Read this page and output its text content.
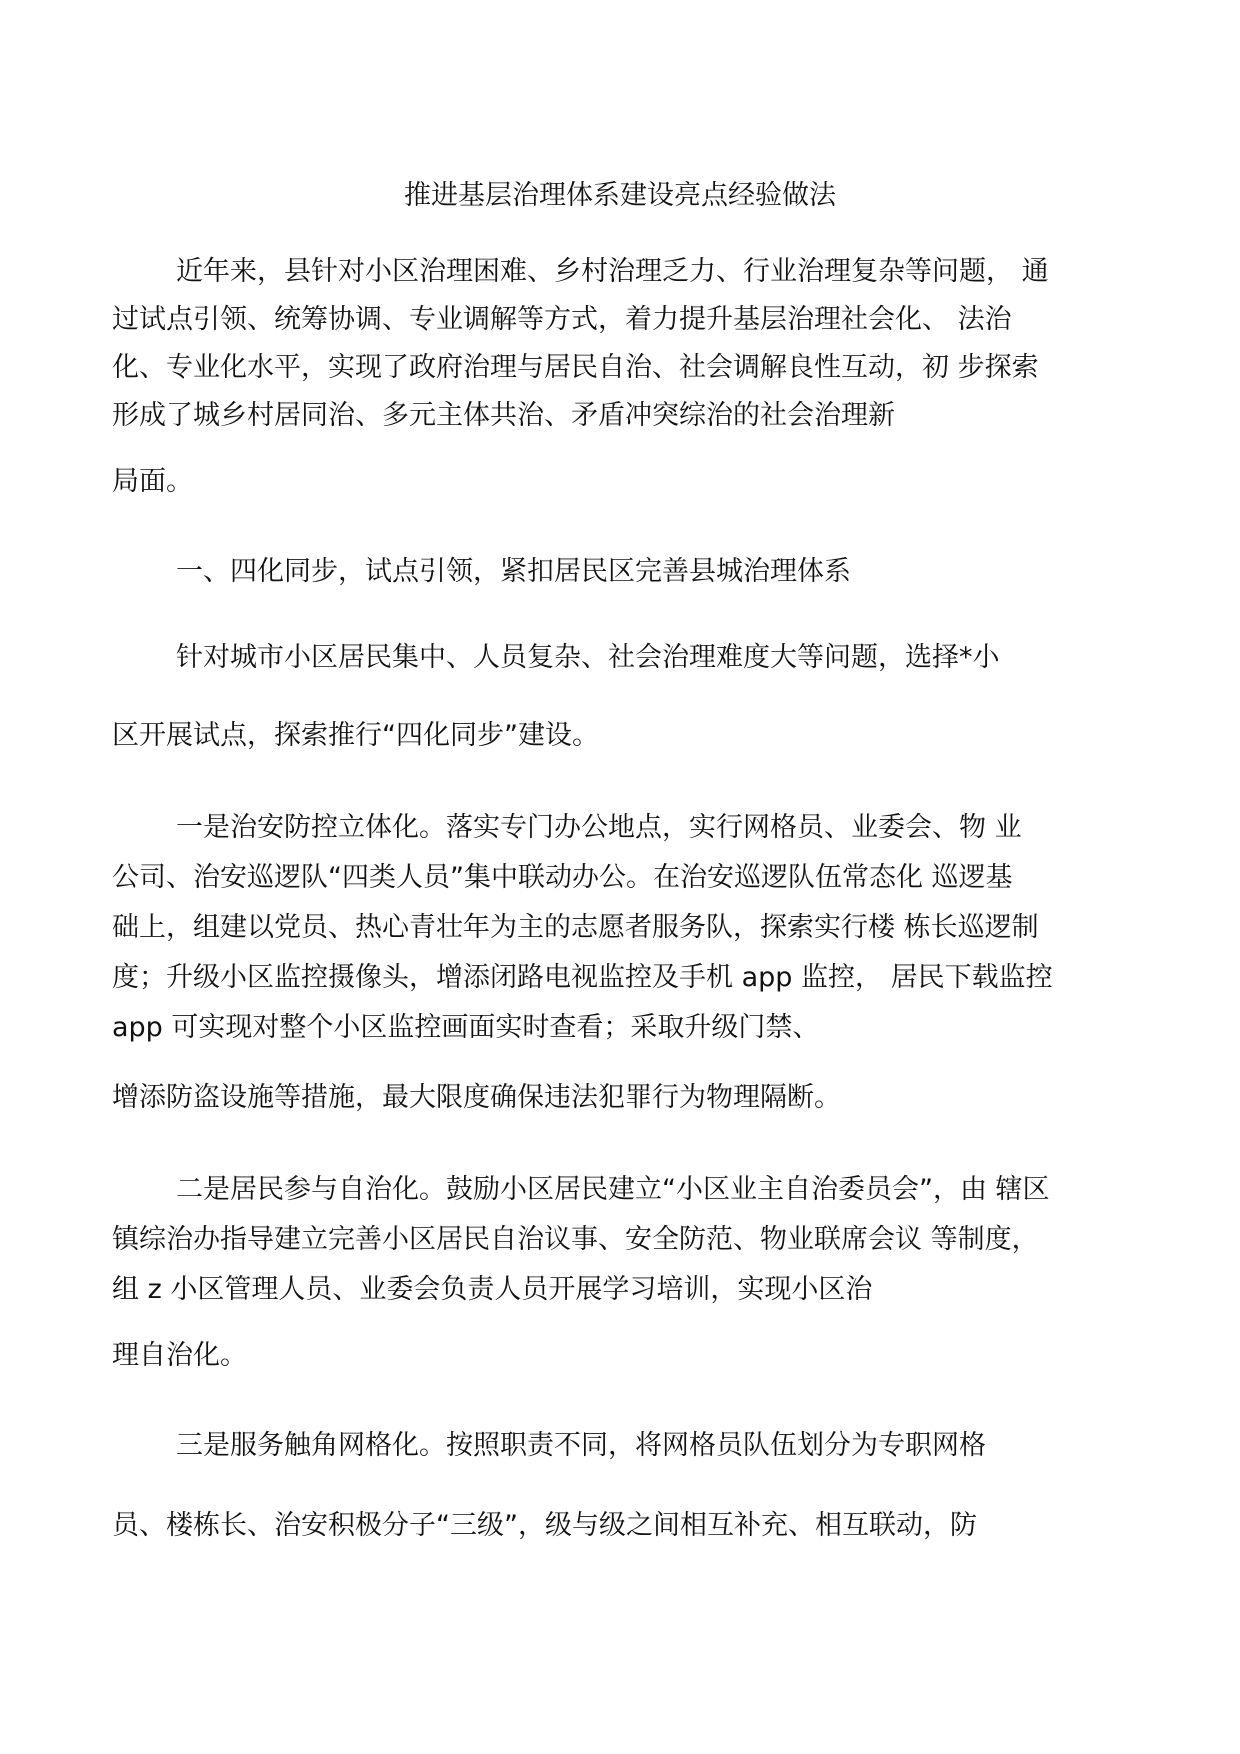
推进基层治理体系建设亮点经验做法
近年来，县针对小区治理困难、乡村治理乏力、行业治理复杂等问题， 通
过试点引领、统筹协调、专业调解等方式，着力提升基层治理社会化、 法治
化、专业化水平，实现了政府治理与居民自治、社会调解良性互动，初 步探索
形成了城乡村居同治、多元主体共治、矛盾冲突综治的社会治理新
局面。
一、四化同步，试点引领，紧扣居民区完善县城治理体系
针对城市小区居民集中、人员复杂、社会治理难度大等问题，选择*小
区开展试点，探索推行“四化同步”建设。
一是治安防控立体化。落实专门办公地点，实行网格员、业委会、物 业
公司、治安巡逻队“四类人员”集中联动办公。在治安巡逻队伍常态化 巡逻基
础上，组建以党员、热心青壮年为主的志愿者服务队，探索实行楼 栋长巡逻制
度；升级小区监控摄像头，增添闭路电视监控及手机 app 监控， 居民下载监控
app 可实现对整个小区监控画面实时查看；采取升级门禁、
增添防盗设施等措施，最大限度确保违法犯罪行为物理隔断。
二是居民参与自治化。鼓励小区居民建立“小区业主自治委员会”，由 辖区
镇综治办指导建立完善小区居民自治议事、安全防范、物业联席会议 等制度，
组 z 小区管理人员、业委会负责人员开展学习培训，实现小区治
理自治化。
三是服务触角网格化。按照职责不同，将网格员队伍划分为专职网格
员、楼栋长、治安积极分子“三级”，级与级之间相互补充、相互联动，防
